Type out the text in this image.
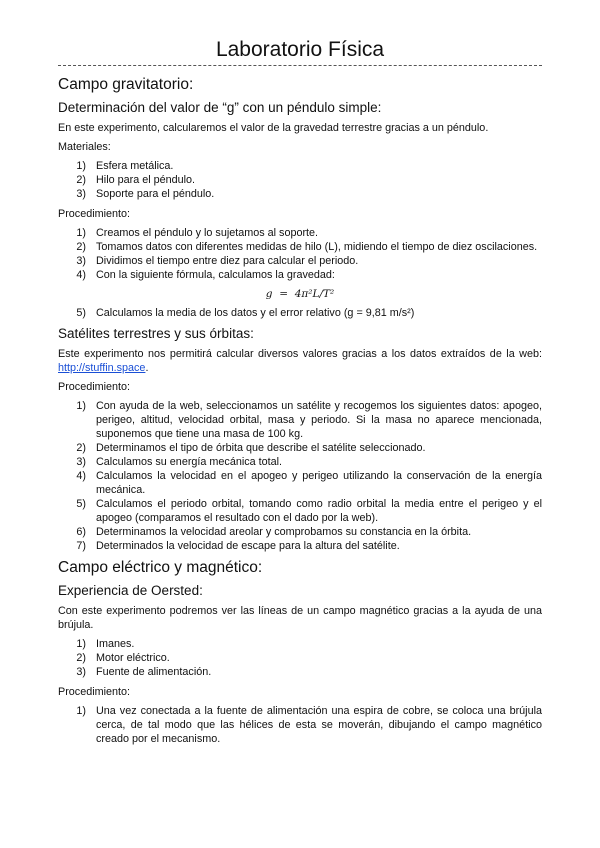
Laboratorio Física
Campo gravitatorio:
Determinación del valor de “g” con un péndulo simple:

En este experimento, calcularemos el valor de la gravedad terrestre gracias a un péndulo.

Materiales:

1. Esfera metálica.
2. Hilo para el péndulo.
3. Soporte para el péndulo.

Procedimiento:

1. Creamos el péndulo y lo sujetamos al soporte.
2. Tomamos datos con diferentes medidas de hilo (L), midiendo el tiempo de diez oscilaciones.
3. Dividimos el tiempo entre diez para calcular el periodo.
4. Con la siguiente fórmula, calculamos la gravedad:
g = 4π²L/T²
5. Calculamos la media de los datos y el error relativo (g = 9,81 m/s²)
Satélites terrestres y sus órbitas:

Este experimento nos permitirá calcular diversos valores gracias a los datos extraídos de la web: http://stuffin.space.

Procedimiento:

1. Con ayuda de la web, seleccionamos un satélite y recogemos los siguientes datos: apogeo, perigeo, altitud, velocidad orbital, masa y periodo. Si la masa no aparece mencionada, suponemos que tiene una masa de 100 kg.
2. Determinamos el tipo de órbita que describe el satélite seleccionado.
3. Calculamos su energía mecánica total.
4. Calculamos la velocidad en el apogeo y perigeo utilizando la conservación de la energía mecánica.
5. Calculamos el periodo orbital, tomando como radio orbital la media entre el perigeo y el apogeo (comparamos el resultado con el dado por la web).
6. Determinamos la velocidad areolar y comprobamos su constancia en la órbita.
7. Determinados la velocidad de escape para la altura del satélite.
Campo eléctrico y magnético:
Experiencia de Oersted:

Con este experimento podremos ver las líneas de un campo magnético gracias a la ayuda de una brújula.

1. Imanes.
2. Motor eléctrico.
3. Fuente de alimentación.

Procedimiento:

1. Una vez conectada a la fuente de alimentación una espira de cobre, se coloca una brújula cerca, de tal modo que las hélices de esta se moverán, dibujando el campo magnético creado por el mecanismo.
